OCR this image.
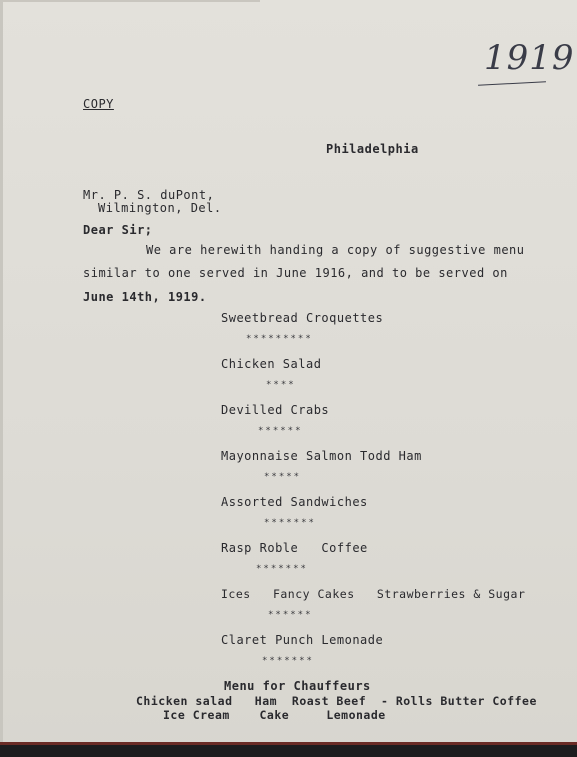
1919
COPY
Philadelphia
Mr. P. S. duPont,
Wilmington, Del.
Dear Sir;
We are herewith handing a copy of suggestive menu
similar to one served in June 1916, and to be served on
June 14th, 1919.
Sweetbread Croquettes
*********
Chicken Salad
****
Devilled Crabs
******
Mayonnaise Salmon Todd Ham
*****
Assorted Sandwiches
*******
Rasp Roble   Coffee
*******
Ices   Fancy Cakes   Strawberries & Sugar
******
Claret Punch Lemonade
*******
Menu for Chauffeurs
Chicken salad   Ham  Roast Beef  - Rolls Butter Coffee
Ice Cream    Cake     Lemonade
